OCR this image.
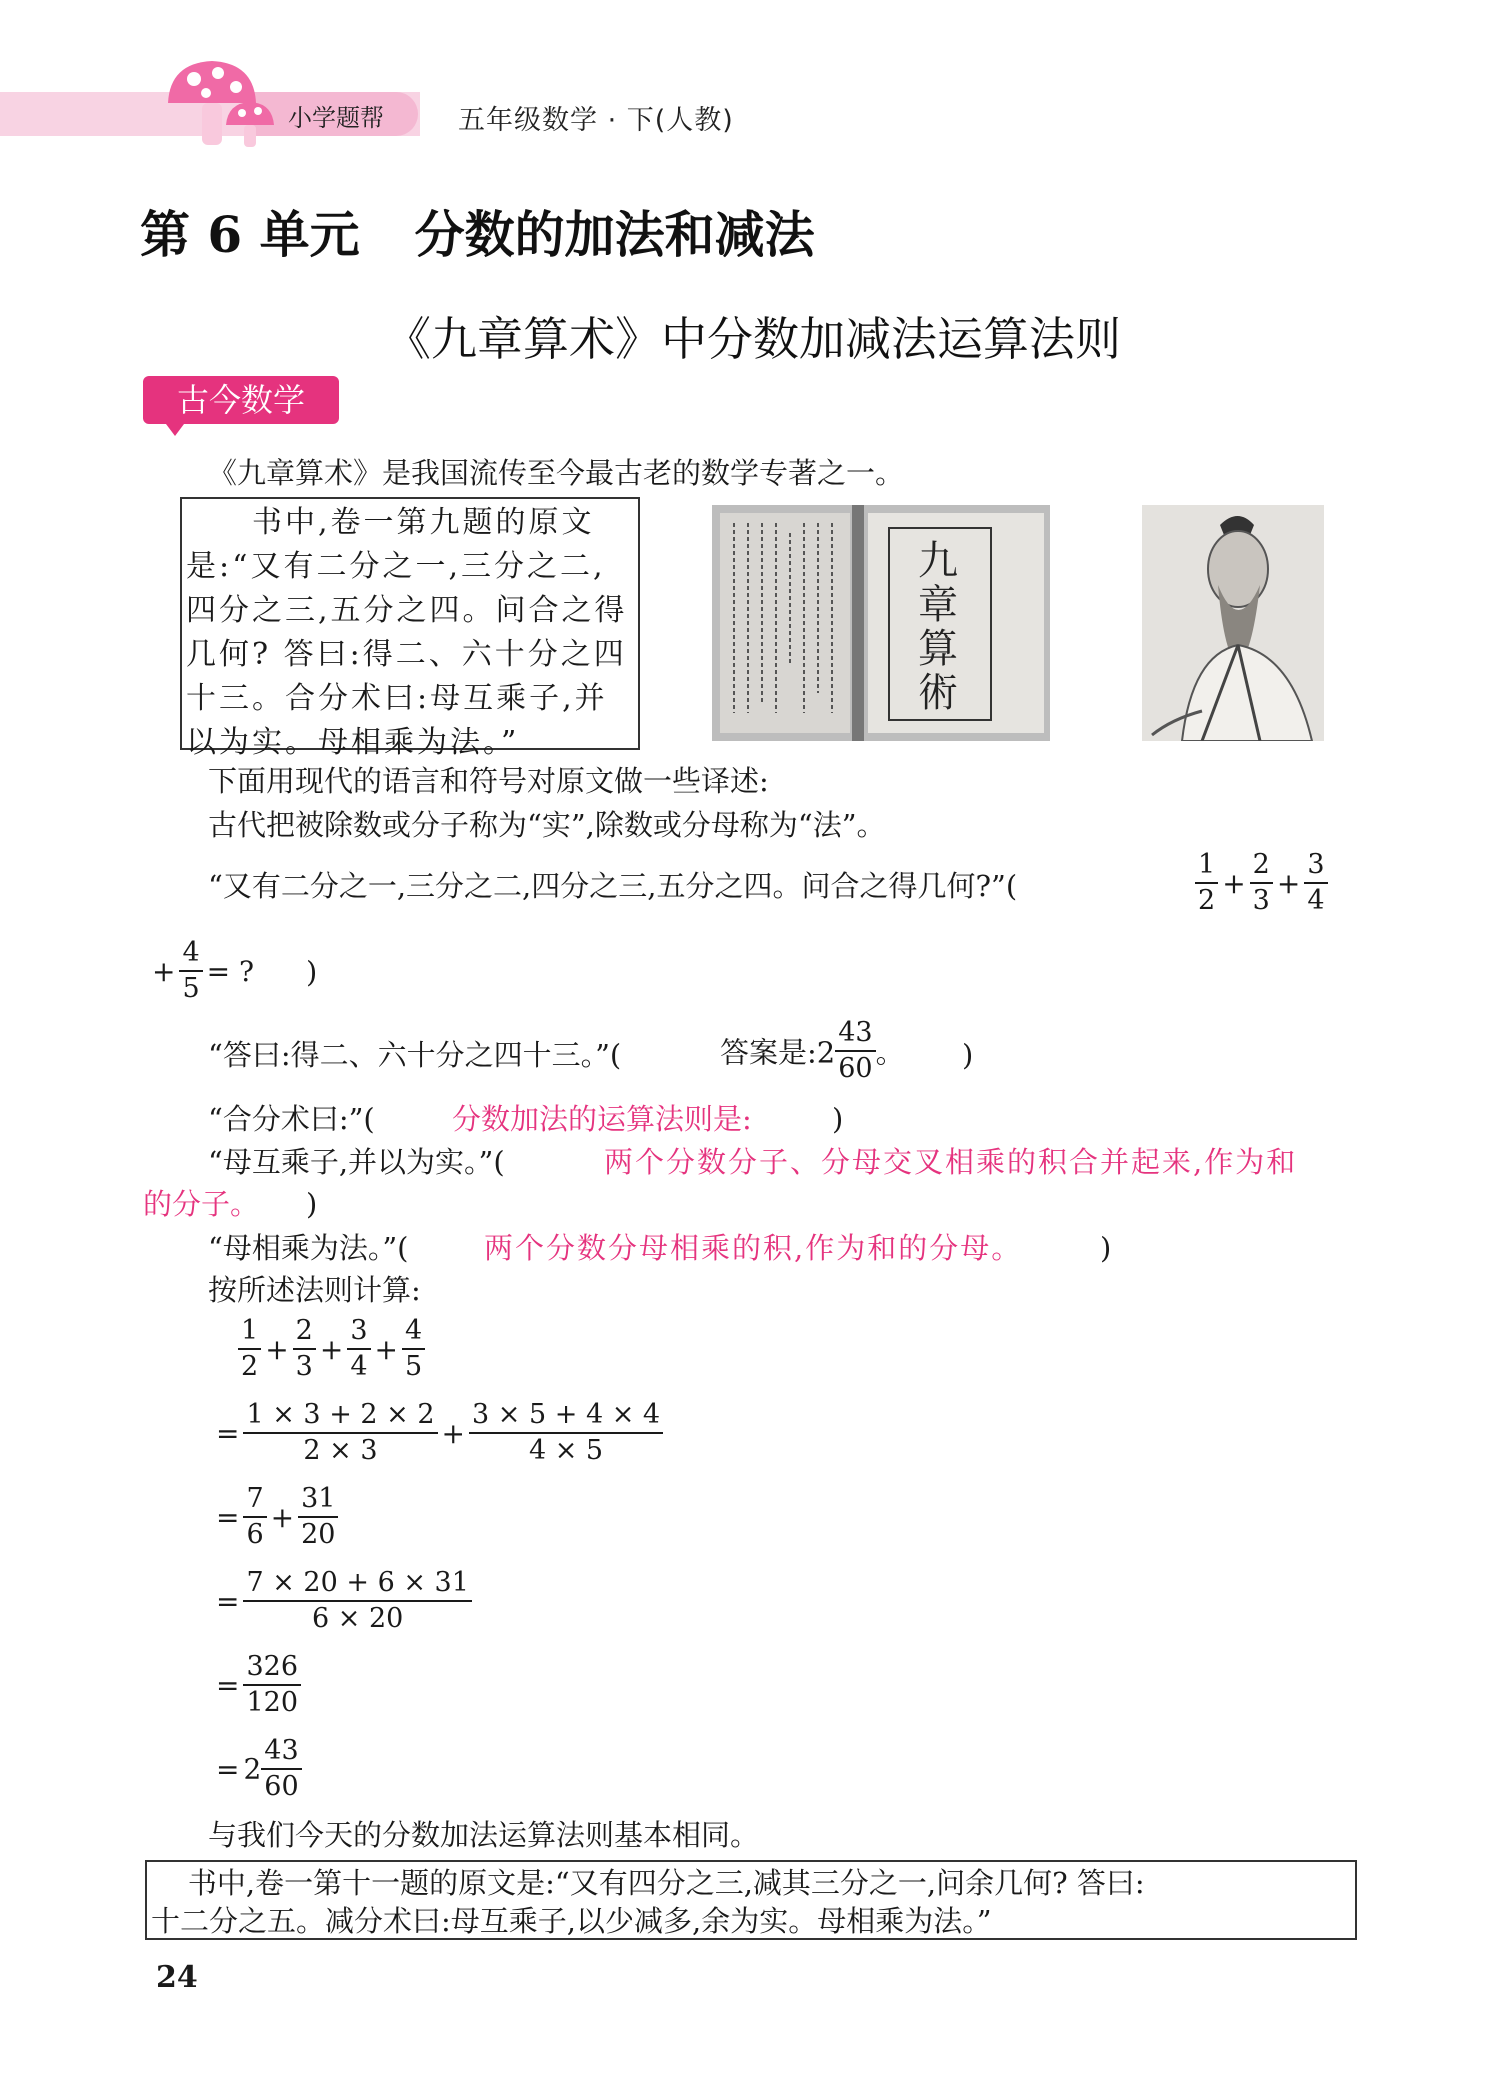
小学题帮	五年级数学 · 下(人教)
第 6 单元 分数的加法和减法
《九章算术》中分数加减法运算法则
古今数学
《九章算术》是我国流传至今最古老的数学专著之一。
书中,卷一第九题的原文
是:“又有二分之一,三分之二,
四分之三,五分之四。问合之得
几何? 答曰:得二、六十分之四
十三。合分术曰:母互乘子,并
以为实。母相乘为法。”
九
章
算
術
下面用现代的语言和符号对原文做一些译述:
古代把被除数或分子称为“实”,除数或分母称为“法”。
“又有二分之一,三分之二,四分之三,五分之四。问合之得几何?”(	$\frac{1}{2} + \frac{2}{3} + \frac{3}{4}$
+ $\frac{4}{5}$ = ? )
“答曰:得二、六十分之四十三。”(	答案是:2 $\frac{43}{60}$ 。 )
“合分术曰:”(	分数加法的运算法则是:	)
“母互乘子,并以为实。”(	两个分数分子、分母交叉相乘的积合并起来,作为和
的分子。 )
“母相乘为法。”(	两个分数分母相乘的积,作为和的分母。	)
按所述法则计算:
$\frac{1}{2} + \frac{2}{3} + \frac{3}{4} + \frac{4}{5}$
= $\frac{1 \times 3 + 2 \times 2}{2 \times 3} + \frac{3 \times 5 + 4 \times 4}{4 \times 5}$
= $\frac{7}{6} + \frac{31}{20}$
= $\frac{7 \times 20 + 6 \times 31}{6 \times 20}$
= $\frac{326}{120}$
= $2 \frac{43}{60}$
与我们今天的分数加法运算法则基本相同。
书中,卷一第十一题的原文是:“又有四分之三,减其三分之一,问余几何? 答曰:
十二分之五。减分术曰:母互乘子,以少减多,余为实。母相乘为法。”
24
